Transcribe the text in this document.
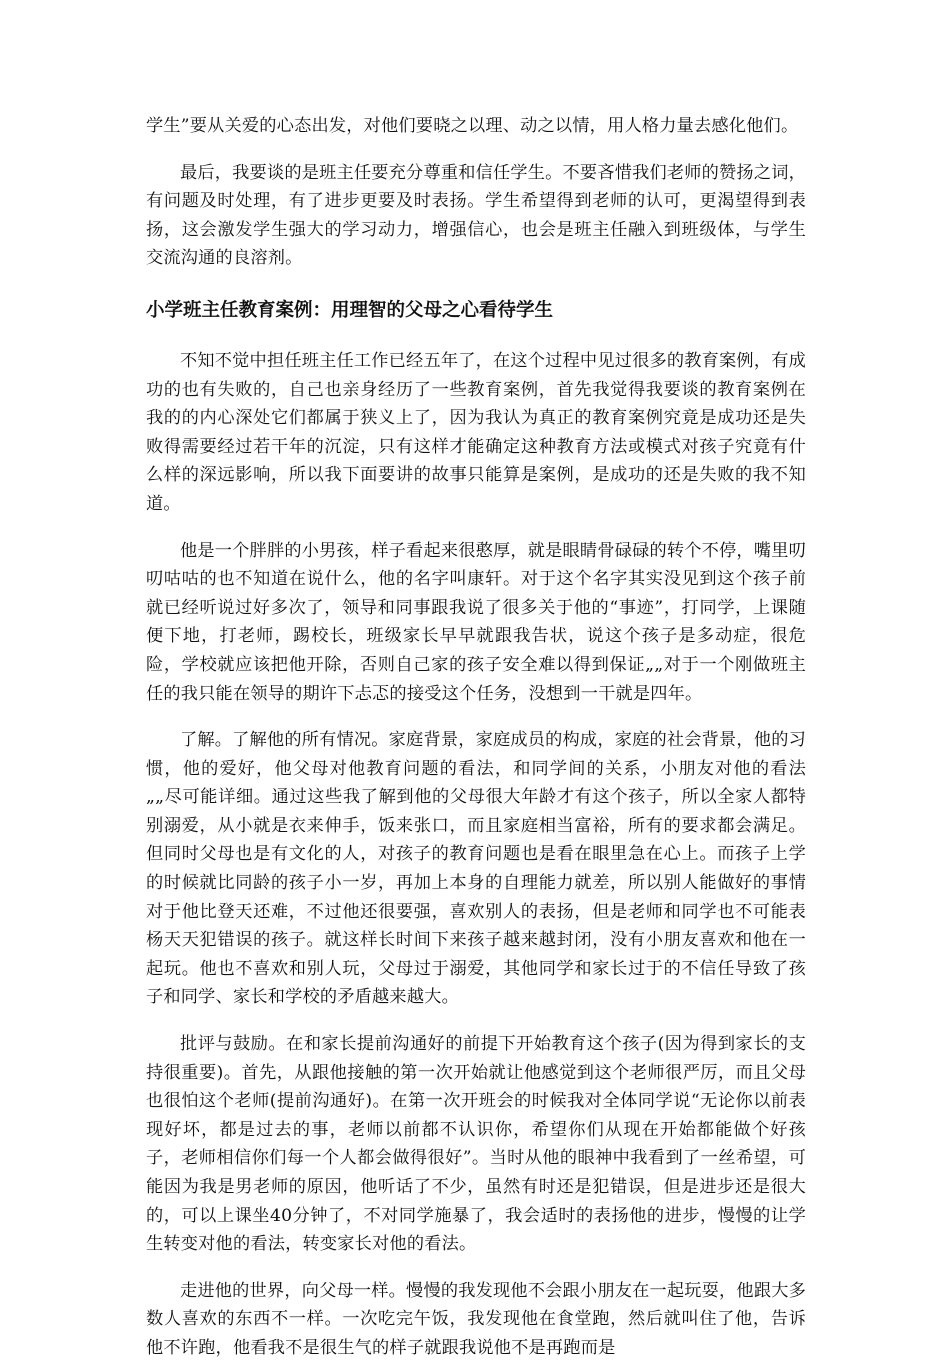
学生”要从关爱的心态出发，对他们要晓之以理、动之以情，用人格力量去感化他们。

最后，我要谈的是班主任要充分尊重和信任学生。不要吝惜我们老师的赞扬之词，有问题及时处理，有了进步更要及时表扬。学生希望得到老师的认可，更渴望得到表扬，这会激发学生强大的学习动力，增强信心，也会是班主任融入到班级体，与学生交流沟通的良溶剂。

小学班主任教育案例：用理智的父母之心看待学生

不知不觉中担任班主任工作已经五年了，在这个过程中见过很多的教育案例，有成功的也有失败的，自己也亲身经历了一些教育案例，首先我觉得我要谈的教育案例在我的的内心深处它们都属于狭义上了，因为我认为真正的教育案例究竟是成功还是失败得需要经过若干年的沉淀，只有这样才能确定这种教育方法或模式对孩子究竟有什么样的深远影响，所以我下面要讲的故事只能算是案例，是成功的还是失败的我不知道。

他是一个胖胖的小男孩，样子看起来很憨厚，就是眼睛骨碌碌的转个不停，嘴里叨叨咕咕的也不知道在说什么，他的名字叫康轩。对于这个名字其实没见到这个孩子前就已经听说过好多次了，领导和同事跟我说了很多关于他的“事迹”，打同学，上课随便下地，打老师，踢校长，班级家长早早就跟我告状，说这个孩子是多动症，很危险，学校就应该把他开除，否则自己家的孩子安全难以得到保证„„对于一个刚做班主任的我只能在领导的期许下忐忑的接受这个任务，没想到一干就是四年。

了解。了解他的所有情况。家庭背景，家庭成员的构成，家庭的社会背景，他的习惯，他的爱好，他父母对他教育问题的看法，和同学间的关系，小朋友对他的看法„„尽可能详细。通过这些我了解到他的父母很大年龄才有这个孩子，所以全家人都特别溺爱，从小就是衣来伸手，饭来张口，而且家庭相当富裕，所有的要求都会满足。但同时父母也是有文化的人，对孩子的教育问题也是看在眼里急在心上。而孩子上学的时候就比同龄的孩子小一岁，再加上本身的自理能力就差，所以别人能做好的事情对于他比登天还难，不过他还很要强，喜欢别人的表扬，但是老师和同学也不可能表杨天天犯错误的孩子。就这样长时间下来孩子越来越封闭，没有小朋友喜欢和他在一起玩。他也不喜欢和别人玩，父母过于溺爱，其他同学和家长过于的不信任导致了孩子和同学、家长和学校的矛盾越来越大。

批评与鼓励。在和家长提前沟通好的前提下开始教育这个孩子(因为得到家长的支持很重要)。首先，从跟他接触的第一次开始就让他感觉到这个老师很严厉，而且父母也很怕这个老师(提前沟通好)。在第一次开班会的时候我对全体同学说“无论你以前表现好坏，都是过去的事，老师以前都不认识你，希望你们从现在开始都能做个好孩子，老师相信你们每一个人都会做得很好”。当时从他的眼神中我看到了一丝希望，可能因为我是男老师的原因，他听话了不少，虽然有时还是犯错误，但是进步还是很大的，可以上课坐40分钟了，不对同学施暴了，我会适时的表扬他的进步，慢慢的让学生转变对他的看法，转变家长对他的看法。

走进他的世界，向父母一样。慢慢的我发现他不会跟小朋友在一起玩耍，他跟大多数人喜欢的东西不一样。一次吃完午饭，我发现他在食堂跑，然后就叫住了他，告诉他不许跑，他看我不是很生气的样子就跟我说他不是再跑而是
